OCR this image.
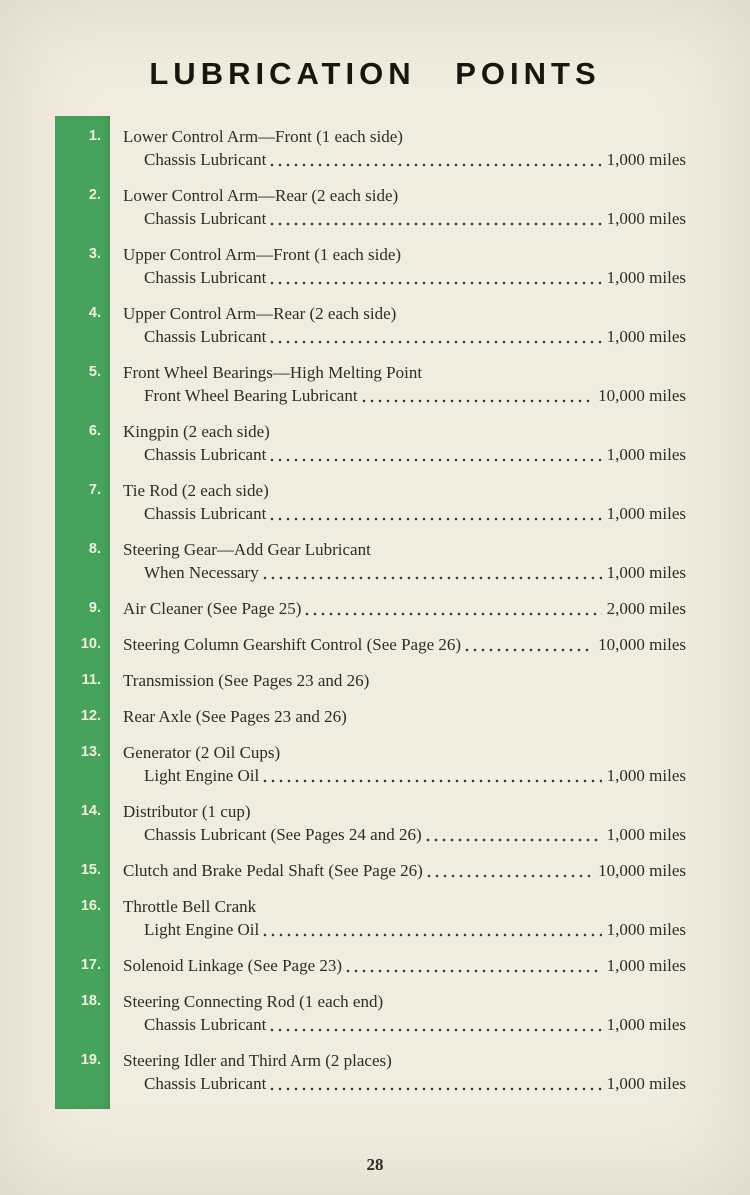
LUBRICATION POINTS
1.	Lower Control Arm—Front (1 each side)
Chassis Lubricant	1,000 miles
2.	Lower Control Arm—Rear (2 each side)
Chassis Lubricant	1,000 miles
3.	Upper Control Arm—Front (1 each side)
Chassis Lubricant	1,000 miles
4.	Upper Control Arm—Rear (2 each side)
Chassis Lubricant	1,000 miles
5.	Front Wheel Bearings—High Melting Point
Front Wheel Bearing Lubricant	10,000 miles
6.	Kingpin (2 each side)
Chassis Lubricant	1,000 miles
7.	Tie Rod (2 each side)
Chassis Lubricant	1,000 miles
8.	Steering Gear—Add Gear Lubricant
When Necessary	1,000 miles
9.	Air Cleaner (See Page 25)	2,000 miles
10.	Steering Column Gearshift Control (See Page 26)	10,000 miles
11.	Transmission (See Pages 23 and 26)
12.	Rear Axle (See Pages 23 and 26)
13.	Generator (2 Oil Cups)
Light Engine Oil	1,000 miles
14.	Distributor (1 cup)
Chassis Lubricant (See Pages 24 and 26)	1,000 miles
15.	Clutch and Brake Pedal Shaft (See Page 26)	10,000 miles
16.	Throttle Bell Crank
Light Engine Oil	1,000 miles
17.	Solenoid Linkage (See Page 23)	1,000 miles
18.	Steering Connecting Rod (1 each end)
Chassis Lubricant	1,000 miles
19.	Steering Idler and Third Arm (2 places)
Chassis Lubricant	1,000 miles
28
